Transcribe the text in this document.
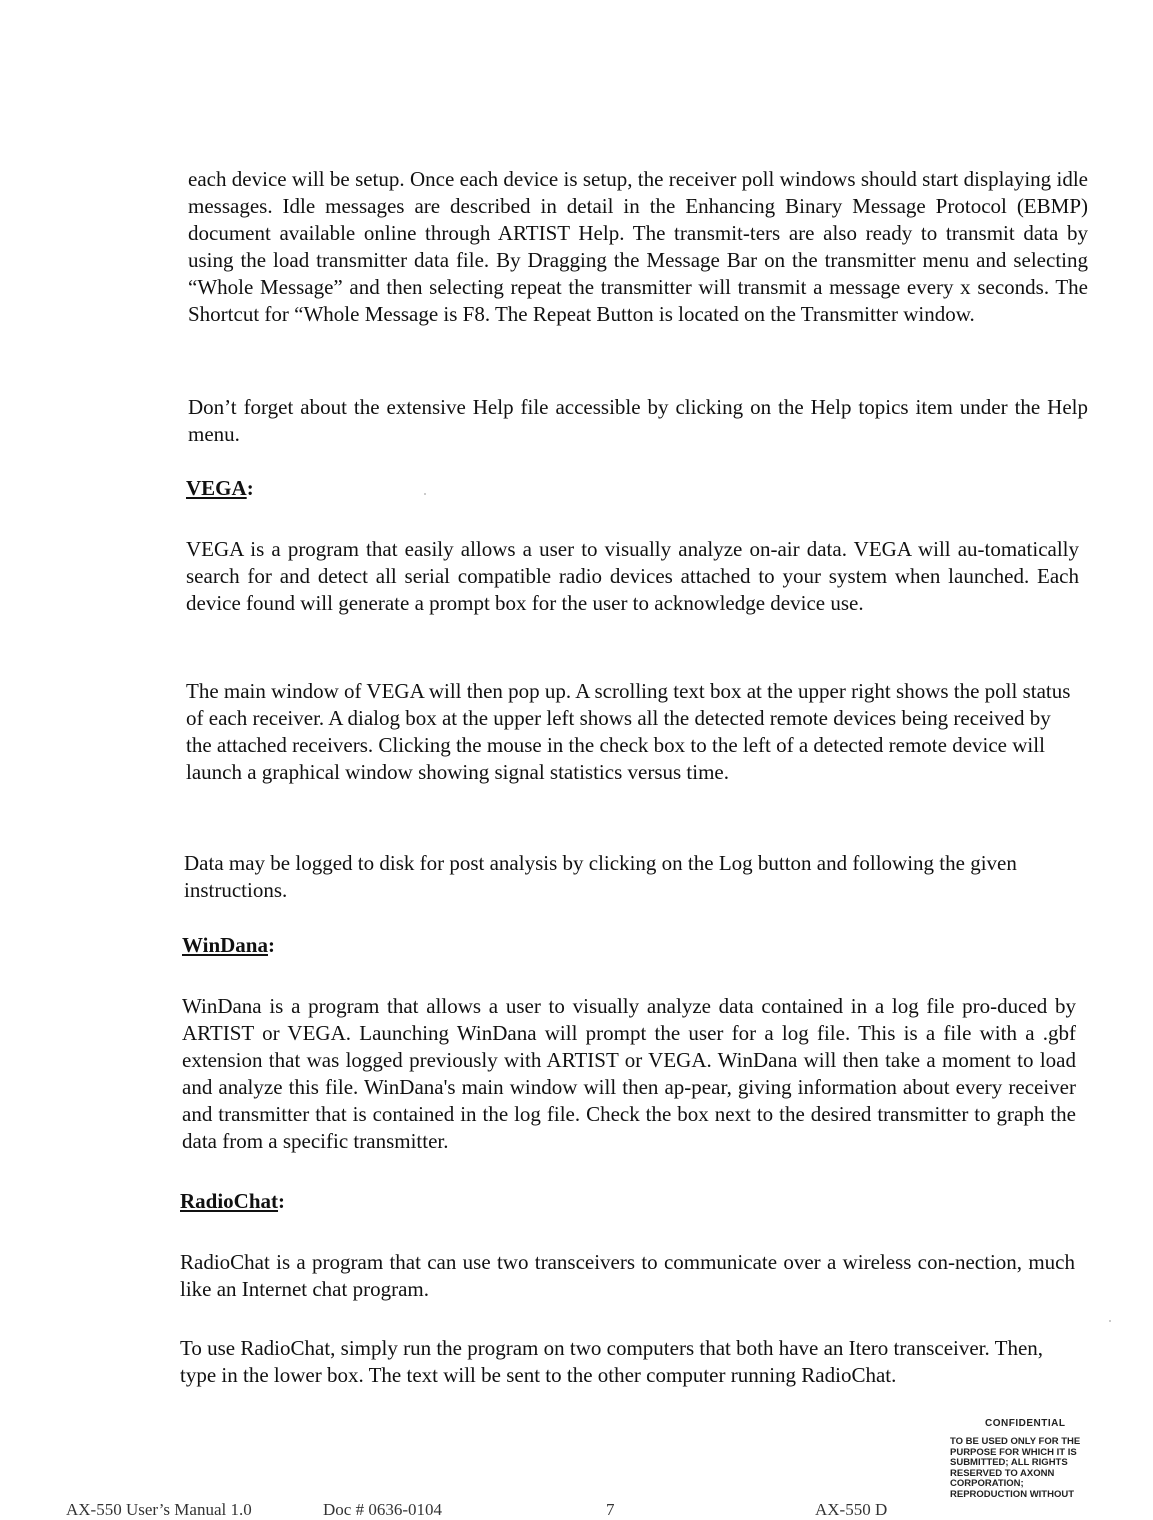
each device will be setup. Once each device is setup, the receiver poll windows should start displaying idle messages. Idle messages are described in detail in the Enhancing Binary Message Protocol (EBMP) document available online through ARTIST Help. The transmit-ters are also ready to transmit data by using the load transmitter data file. By Dragging the Message Bar on the transmitter menu and selecting “Whole Message” and then selecting repeat the transmitter will transmit a message every x seconds. The Shortcut for “Whole Message is F8. The Repeat Button is located on the Transmitter window.

Don’t forget about the extensive Help file accessible by clicking on the Help topics item under the Help menu.

VEGA:

VEGA is a program that easily allows a user to visually analyze on-air data. VEGA will au-tomatically search for and detect all serial compatible radio devices attached to your system when launched. Each device found will generate a prompt box for the user to acknowledge device use.

The main window of VEGA will then pop up. A scrolling text box at the upper right shows the poll status of each receiver. A dialog box at the upper left shows all the detected remote devices being received by the attached receivers. Clicking the mouse in the check box to the left of a detected remote device will launch a graphical window showing signal statistics versus time.

Data may be logged to disk for post analysis by clicking on the Log button and following the given instructions.

WinDana:

WinDana is a program that allows a user to visually analyze data contained in a log file pro-duced by ARTIST or VEGA. Launching WinDana will prompt the user for a log file. This is a file with a .gbf extension that was logged previously with ARTIST or VEGA. WinDana will then take a moment to load and analyze this file. WinDana's main window will then ap-pear, giving information about every receiver and transmitter that is contained in the log file. Check the box next to the desired transmitter to graph the data from a specific transmitter.

RadioChat:

RadioChat is a program that can use two transceivers to communicate over a wireless con-nection, much like an Internet chat program.

To use RadioChat, simply run the program on two computers that both have an Itero transceiver. Then, type in the lower box. The text will be sent to the other computer running RadioChat.

CONFIDENTIAL

TO BE USED ONLY FOR THE PURPOSE FOR WHICH IT IS SUBMITTED; ALL RIGHTS RESERVED TO AXONN CORPORATION; REPRODUCTION WITHOUT

AX-550 User’s Manual 1.0	Doc # 0636-0104	7	AX-550 D
